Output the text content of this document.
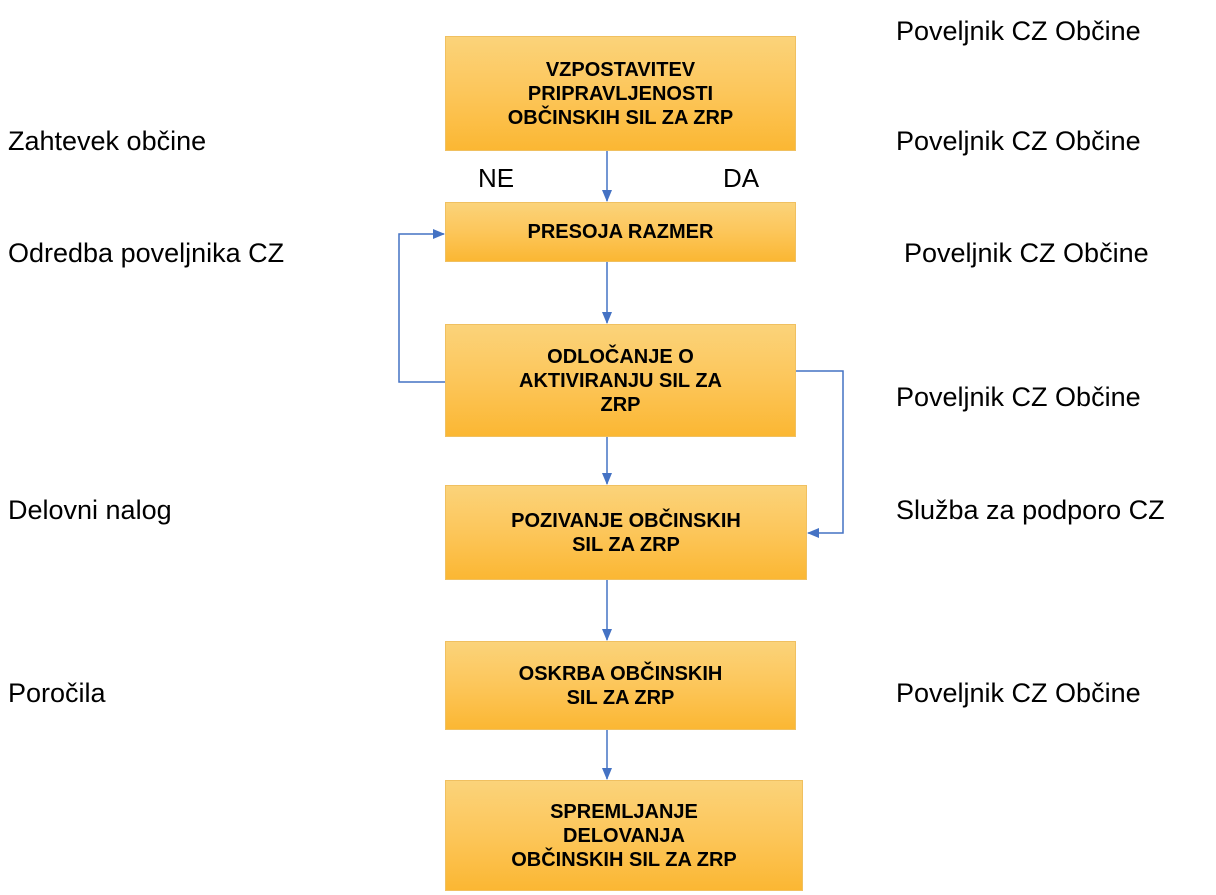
VZPOSTAVITEV
PRIPRAVLJENOSTI
OBČINSKIH SIL ZA ZRP
PRESOJA RAZMER
ODLOČANJE O
AKTIVIRANJU SIL ZA
ZRP
POZIVANJE OBČINSKIH
SIL ZA ZRP
OSKRBA OBČINSKIH
SIL ZA ZRP
SPREMLJANJE
DELOVANJA
OBČINSKIH SIL ZA ZRP
NE	DA
Zahtevek občine
Odredba poveljnika CZ
Delovni nalog
Poročila
Poveljnik CZ Občine
Poveljnik CZ Občine
Poveljnik CZ Občine
Poveljnik CZ Občine
Služba za podporo CZ
Poveljnik CZ Občine
